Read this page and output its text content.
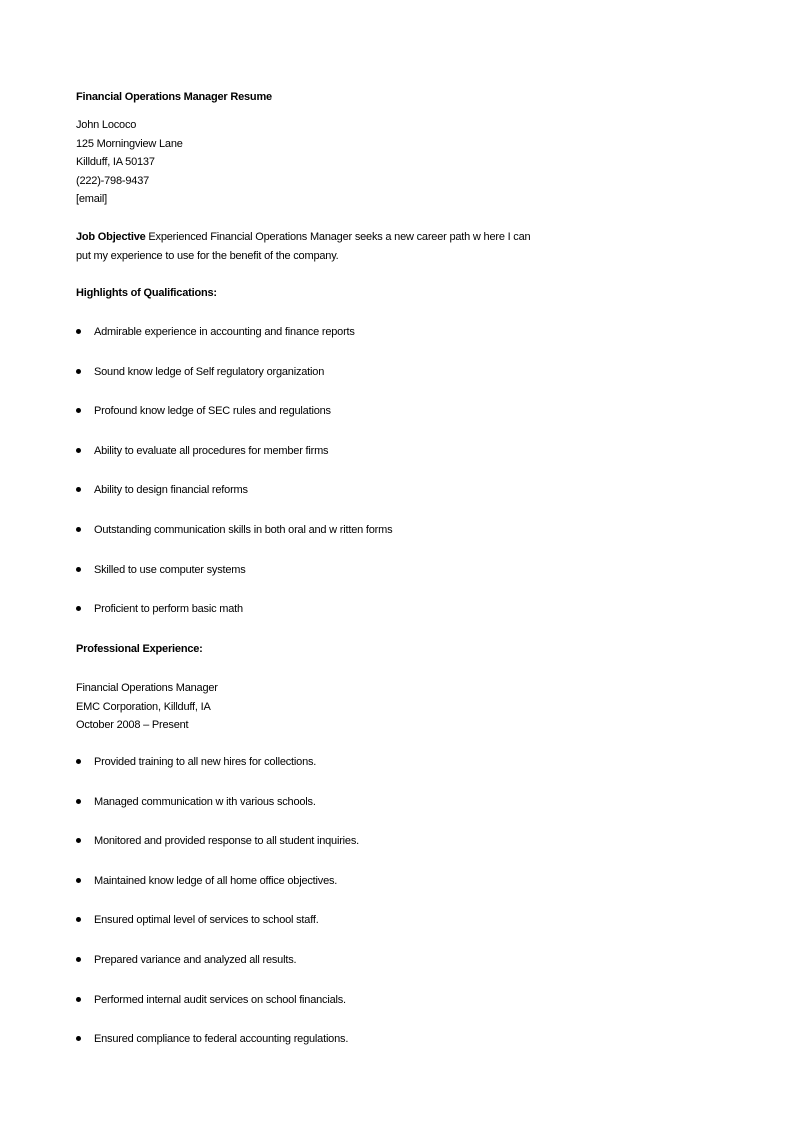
Financial Operations Manager Resume
John Lococo
125 Morningview Lane
Killduff, IA 50137
(222)-798-9437
[email]
Job Objective Experienced Financial Operations Manager seeks a new career path w here I can put my experience to use for the benefit of the company.
Highlights of Qualifications:
Admirable experience in accounting and finance reports
Sound know ledge of Self regulatory organization
Profound know ledge of SEC rules and regulations
Ability to evaluate all procedures for member firms
Ability to design financial reforms
Outstanding communication skills in both oral and w ritten forms
Skilled to use computer systems
Proficient to perform basic math
Professional Experience:
Financial Operations Manager
EMC Corporation, Killduff, IA
October 2008 – Present
Provided training to all new hires for collections.
Managed communication w ith various schools.
Monitored and provided response to all student inquiries.
Maintained know ledge of all home office objectives.
Ensured optimal level of services to school staff.
Prepared variance and analyzed all results.
Performed internal audit services on school financials.
Ensured compliance to federal accounting regulations.
